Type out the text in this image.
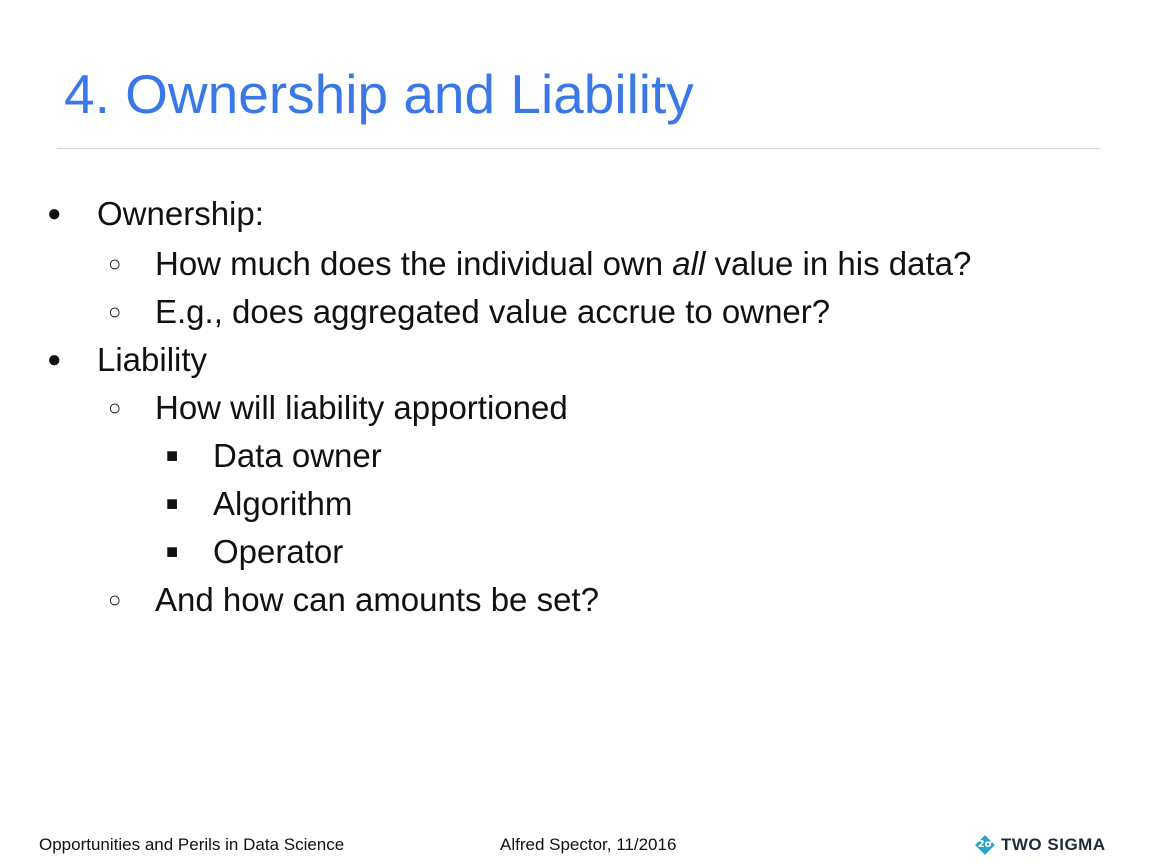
4. Ownership and Liability
● Ownership:
○ How much does the individual own all value in his data?
○ E.g., does aggregated value accrue to owner?
● Liability
○ How will liability apportioned
■ Data owner
■ Algorithm
■ Operator
○ And how can amounts be set?
Opportunities and Perils in Data Science	Alfred Spector, 11/2016	2σ TWO SIGMA
